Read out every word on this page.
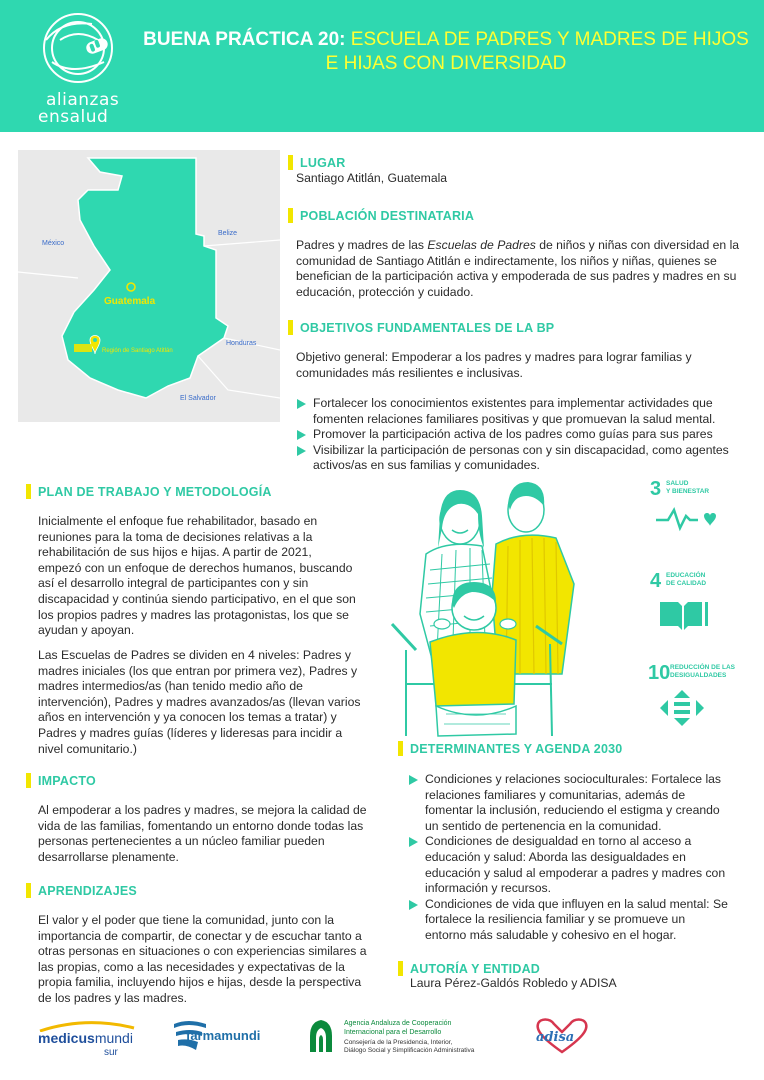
alianzas
ensalud
BUENA PRÁCTICA 20: ESCUELA DE PADRES Y MADRES DE HIJOS E HIJAS CON DIVERSIDAD
México
Belize
Guatemala
Región de Santiago Atitlán
Honduras
El Salvador
LUGAR
Santiago Atitlán, Guatemala
POBLACIÓN DESTINATARIA
Padres y madres de las Escuelas de Padres de niños y niñas con diversidad en la comunidad de Santiago Atitlán e indirectamente, los niños y niñas, quienes se benefician de la participación activa y empoderada de sus padres y madres en su educación, protección y cuidado.
OBJETIVOS FUNDAMENTALES DE LA BP
Objetivo general: Empoderar a los padres y madres para lograr familias y comunidades más resilientes e inclusivas.
Fortalecer los conocimientos existentes para implementar actividades que fomenten relaciones familiares positivas y que promuevan la salud mental.
Promover la participación activa de los padres como guías para sus pares
Visibilizar la participación de personas con y sin discapacidad, como agentes activos/as en sus familias y comunidades.
PLAN DE TRABAJO Y METODOLOGÍA
Inicialmente el enfoque fue rehabilitador, basado en reuniones para la toma de decisiones relativas a la rehabilitación de sus hijos e hijas. A partir de 2021, empezó con un enfoque de derechos humanos, buscando así el desarrollo integral de participantes con y sin discapacidad y continúa siendo participativo, en el que son los propios padres y madres las protagonistas, los que se ayudan y apoyan.
Las Escuelas de Padres se dividen en 4 niveles: Padres y madres iniciales (los que entran por primera vez), Padres y madres intermedios/as (han tenido medio año de intervención), Padres y madres avanzados/as (llevan varios años en intervención y ya conocen los temas a tratar) y Padres y madres guías (líderes y lideresas para incidir a nivel comunitario.)
3 SALUD
Y BIENESTAR
4 EDUCACIÓN
DE CALIDAD
10 REDUCCIÓN DE LAS
DESIGUALDADES
IMPACTO
Al empoderar a los padres y madres, se mejora la calidad de vida de las familias, fomentando un entorno donde todas las personas pertenecientes a un núcleo familiar pueden desarrollarse plenamente.
APRENDIZAJES
El valor y el poder que tiene la comunidad, junto con la importancia de compartir, de conectar y de escuchar tanto a otras personas en situaciones o con experiencias similares a las propias, como a las necesidades y expectativas de la propia familia, incluyendo hijos e hijas, desde la perspectiva de los padres y las madres.
DETERMINANTES Y AGENDA 2030
Condiciones y relaciones socioculturales: Fortalece las relaciones familiares y comunitarias, además de fomentar la inclusión, reduciendo el estigma y creando un sentido de pertenencia en la comunidad.
Condiciones de desigualdad en torno al acceso a educación y salud: Aborda las desigualdades en educación y salud al empoderar a padres y madres con información y recursos.
Condiciones de vida que influyen en la salud mental: Se fortalece la resiliencia familiar y se promueve un entorno más saludable y cohesivo en el hogar.
AUTORÍA Y ENTIDAD
Laura Pérez-Galdós Robledo y ADISA
medicusmundi
sur
farmamundi
Agencia Andaluza de Cooperación
Internacional para el Desarrollo
Consejería de la Presidencia, Interior,
Diálogo Social y Simplificación Administrativa
adisa
